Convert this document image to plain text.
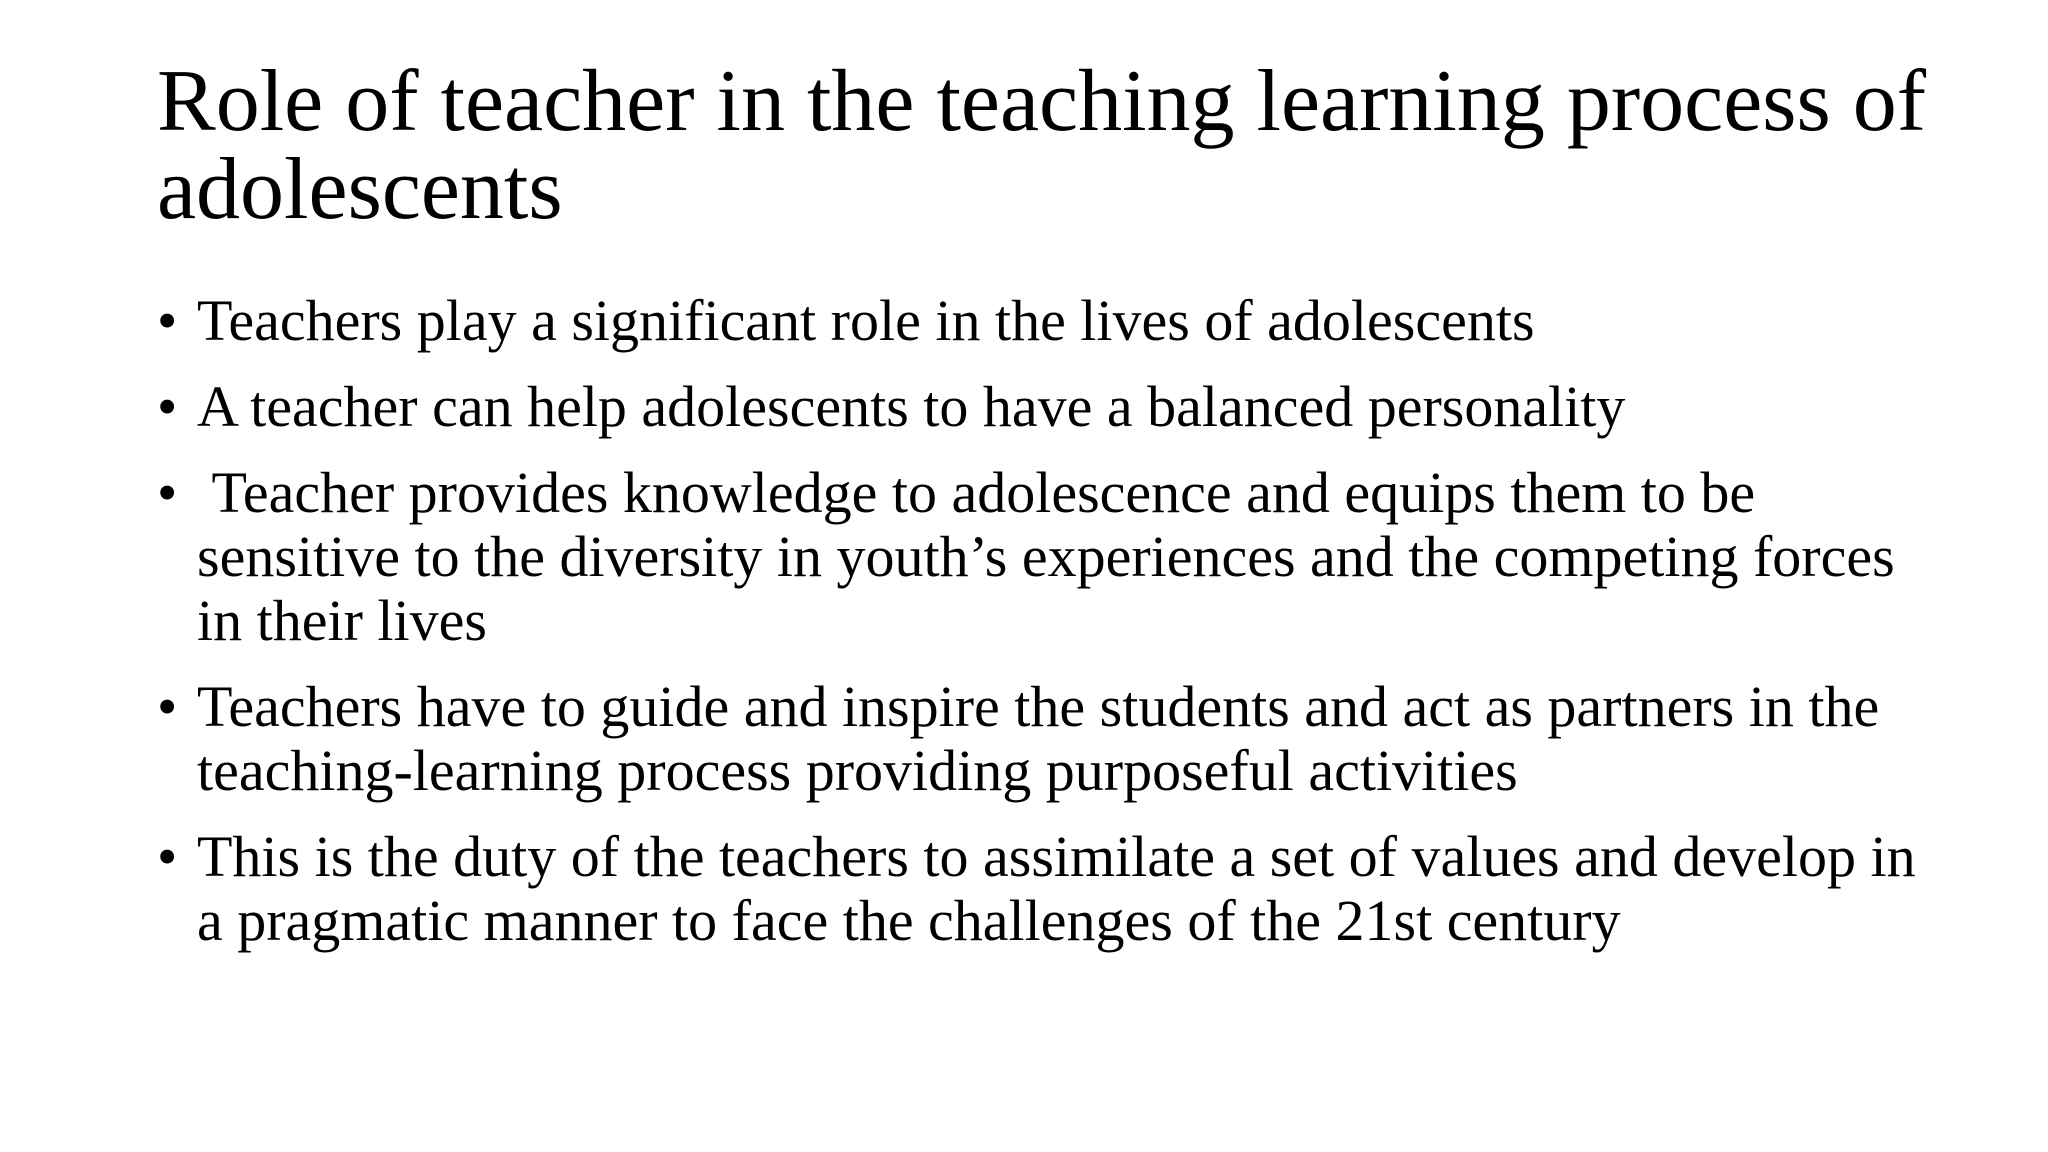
Role of teacher in the teaching learning process of adolescents
• Teachers play a significant role in the lives of adolescents
• A teacher can help adolescents to have a balanced personality
• Teacher provides knowledge to adolescence and equips them to be sensitive to the diversity in youth’s experiences and the competing forces in their lives
• Teachers have to guide and inspire the students and act as partners in the teaching-learning process providing purposeful activities
• This is the duty of the teachers to assimilate a set of values and develop in a pragmatic manner to face the challenges of the 21st century
